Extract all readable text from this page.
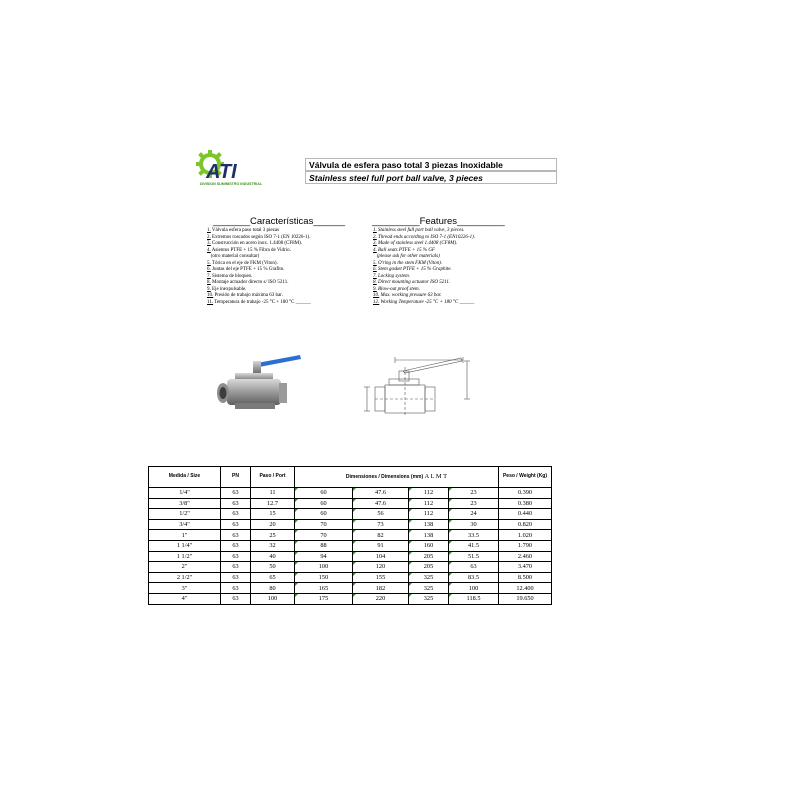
ATI
DIVISION SUMINISTRO INDUSTRIAL
Válvula de esfera paso total 3 piezas Inoxidable
Stainless steel full port ball valve, 3 pieces
_______Características______
1. Válvula esfera paso total 3 piezas
2. Extremos roscados según ISO 7-1 (EN 10226-1).
3. Construcción en acero inox. 1.4408 (CF8M).
4. Asientos PTFE + 15 % Fibra de Vidrio.
(otro material consultar)
5. Tórica en el eje de FKM (Viton).
6. Juntas del eje PTFE + 15 % Grafito.
7. Sistema de bloqueo.
8. Montaje actuador directo s/ ISO 5211.
9. Eje inexpulsable.
10. Presión de trabajo máxima 63 bar.
11. Temperatura de trabajo -25 °C + 180 °C ______
_________Features_________
1. Stainless steel full port ball valve, 3 pieces.
2. Thread ends according to ISO 7-1 (EN10226-1).
3. Made of stainless steel 1.4408 (CF8M).
4. Ball seats PTFE + 15 % GF
(please ask for other materials)
5. O'ring in the stem FKM (Viton).
6. Stem gasket PTFE + 15 % Graphite.
7. Locking system.
8. Direct mounting actuator ISO 5211.
9. Blow-out proof stem.
10. Max. working pressure 63 bar.
12. Working Temperature -25 °C + 180 °C ______
Medida / Size	PN	Paso / Port	Dimensiones / Dimensions (mm) A L M T				Peso / Weight (Kg)
1/4"	63	11	60	47.6	112	23	0.390
3/8"	63	12.7	60	47.6	112	23	0.380
1/2"	63	15	60	56	112	24	0.440
3/4"	63	20	70	73	138	30	0.820
1"	63	25	70	82	138	33.5	1.020
1 1/4"	63	32	88	91	160	41.5	1.790
1 1/2"	63	40	94	104	205	51.5	2.460
2"	63	50	100	120	205	63	3.470
2 1/2"	63	65	150	155	325	83.5	8.500
3"	63	80	165	182	325	100	12.400
4"	63	100	175	220	325	118.5	19.650
